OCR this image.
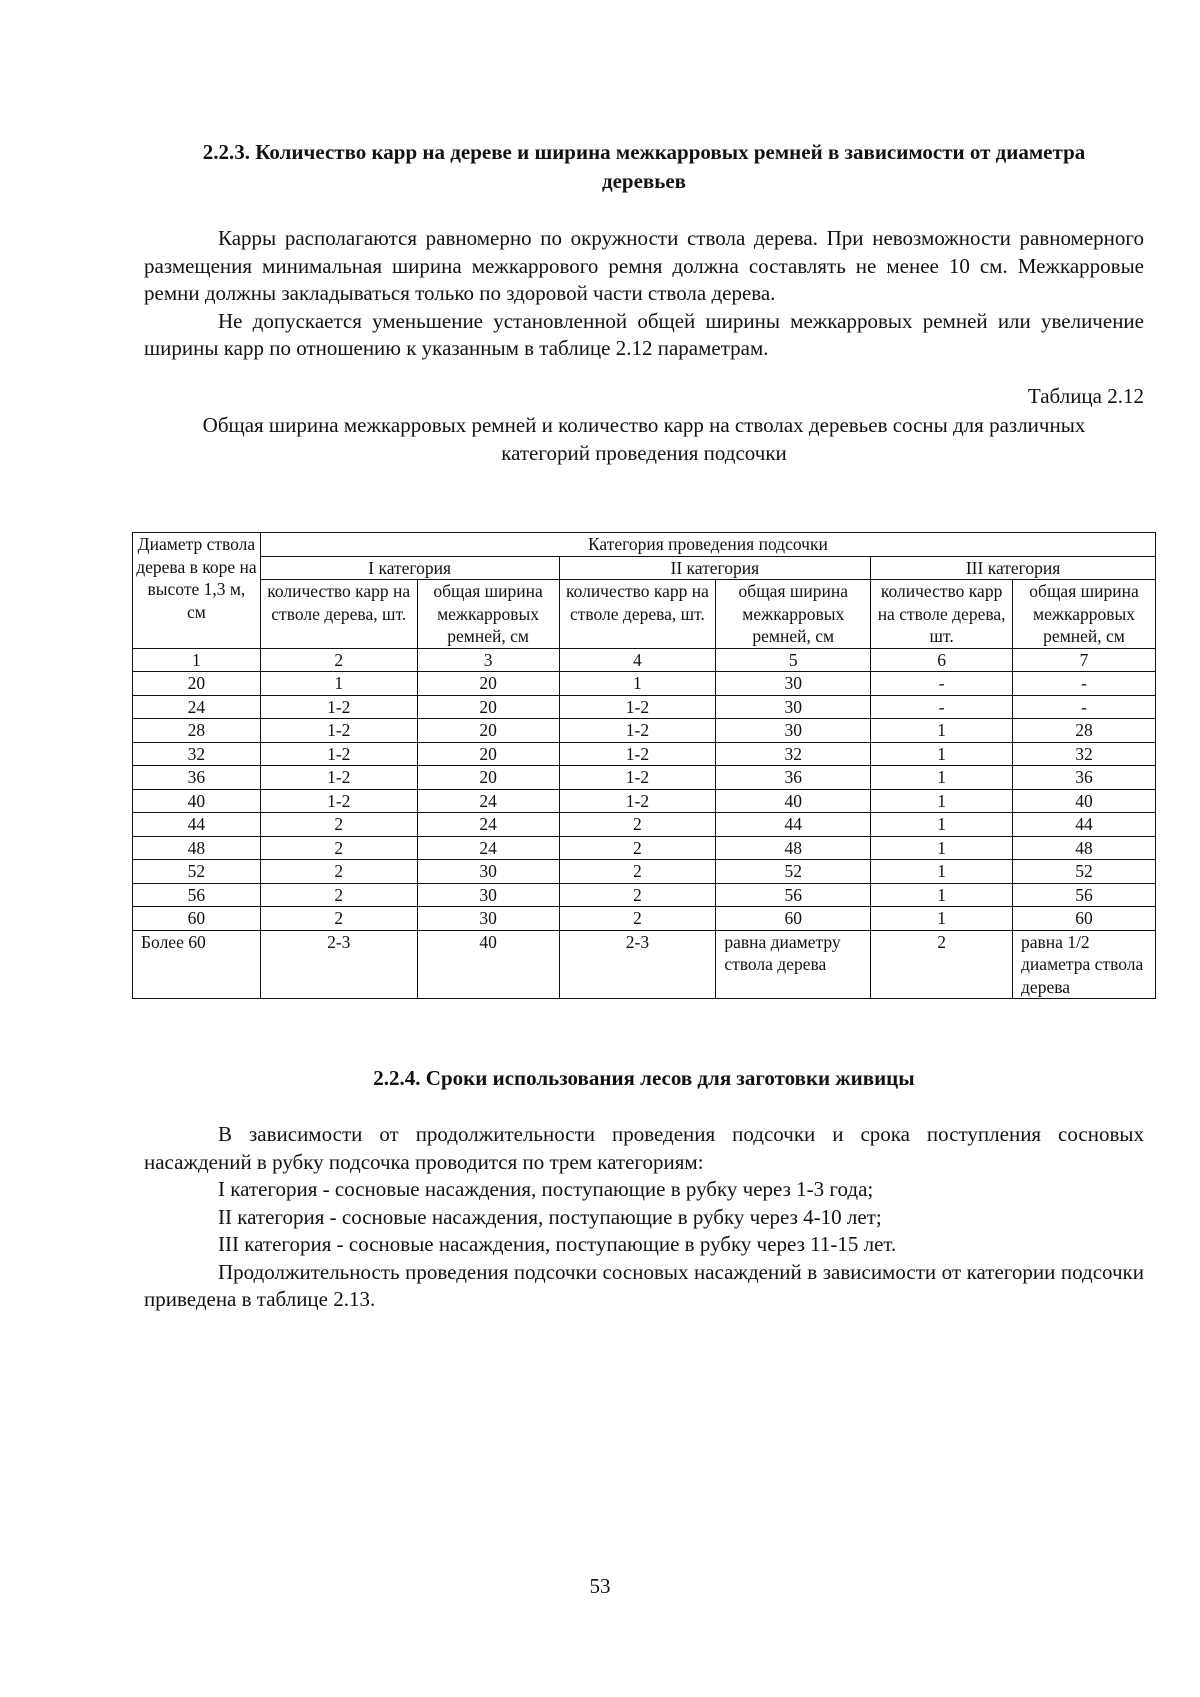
2.2.3. Количество карр на дереве и ширина межкарровых ремней в зависимости от диаметра деревьев

Карры располагаются равномерно по окружности ствола дерева. При невозможности равномерного размещения минимальная ширина межкаррового ремня должна составлять не менее 10 см. Межкарровые ремни должны закладываться только по здоровой части ствола дерева.

Не допускается уменьшение установленной общей ширины межкарровых ремней или увеличение ширины карр по отношению к указанным в таблице 2.12 параметрам.

Таблица 2.12
Общая ширина межкарровых ремней и количество карр на стволах деревьев сосны для различных категорий проведения подсочки
Диаметр ствола дерева в коре на высоте 1,3 м, см	Категория проведения подсочки					
	I категория		II категория		III категория	
	количество карр на стволе дерева, шт.	общая ширина межкарровых ремней, см	количество карр на стволе дерева, шт.	общая ширина межкарровых ремней, см	количество карр на стволе дерева, шт.	общая ширина межкарровых ремней, см
1	2	3	4	5	6	7
20	1	20	1	30	-	-
24	1-2	20	1-2	30	-	-
28	1-2	20	1-2	30	1	28
32	1-2	20	1-2	32	1	32
36	1-2	20	1-2	36	1	36
40	1-2	24	1-2	40	1	40
44	2	24	2	44	1	44
48	2	24	2	48	1	48
52	2	30	2	52	1	52
56	2	30	2	56	1	56
60	2	30	2	60	1	60
Более 60	2-3	40	2-3	равна диаметру ствола дерева	2	равна 1/2 диаметра ствола дерева
2.2.4. Сроки использования лесов для заготовки живицы

В зависимости от продолжительности проведения подсочки и срока поступления сосновых насаждений в рубку подсочка проводится по трем категориям:

I категория - сосновые насаждения, поступающие в рубку через 1-3 года;

II категория - сосновые насаждения, поступающие в рубку через 4-10 лет;

III категория - сосновые насаждения, поступающие в рубку через 11-15 лет.

Продолжительность проведения подсочки сосновых насаждений в зависимости от категории подсочки приведена в таблице 2.13.

53
